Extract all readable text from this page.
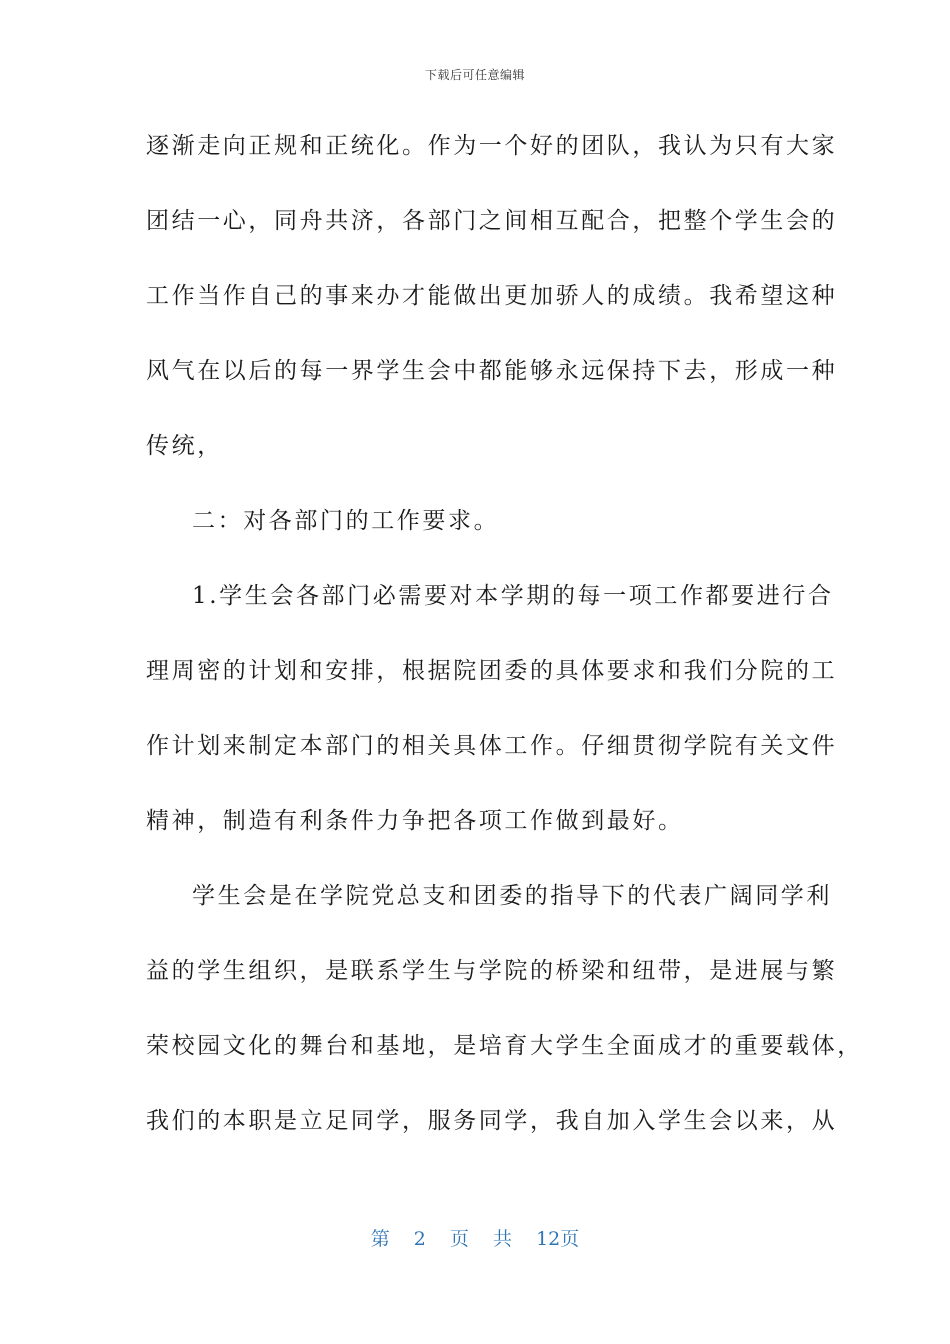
下载后可任意编辑
逐渐走向正规和正统化。作为一个好的团队，我认为只有大家
团结一心，同舟共济，各部门之间相互配合，把整个学生会的
工作当作自己的事来办才能做出更加骄人的成绩。我希望这种
风气在以后的每一界学生会中都能够永远保持下去，形成一种
传统，
二：对各部门的工作要求。
1.学生会各部门必需要对本学期的每一项工作都要进行合
理周密的计划和安排，根据院团委的具体要求和我们分院的工
作计划来制定本部门的相关具体工作。仔细贯彻学院有关文件
精神，制造有利条件力争把各项工作做到最好。
学生会是在学院党总支和团委的指导下的代表广阔同学利
益的学生组织，是联系学生与学院的桥梁和纽带，是进展与繁
荣校园文化的舞台和基地，是培育大学生全面成才的重要载体，
我们的本职是立足同学，服务同学，我自加入学生会以来，从
第 2 页 共 12页
